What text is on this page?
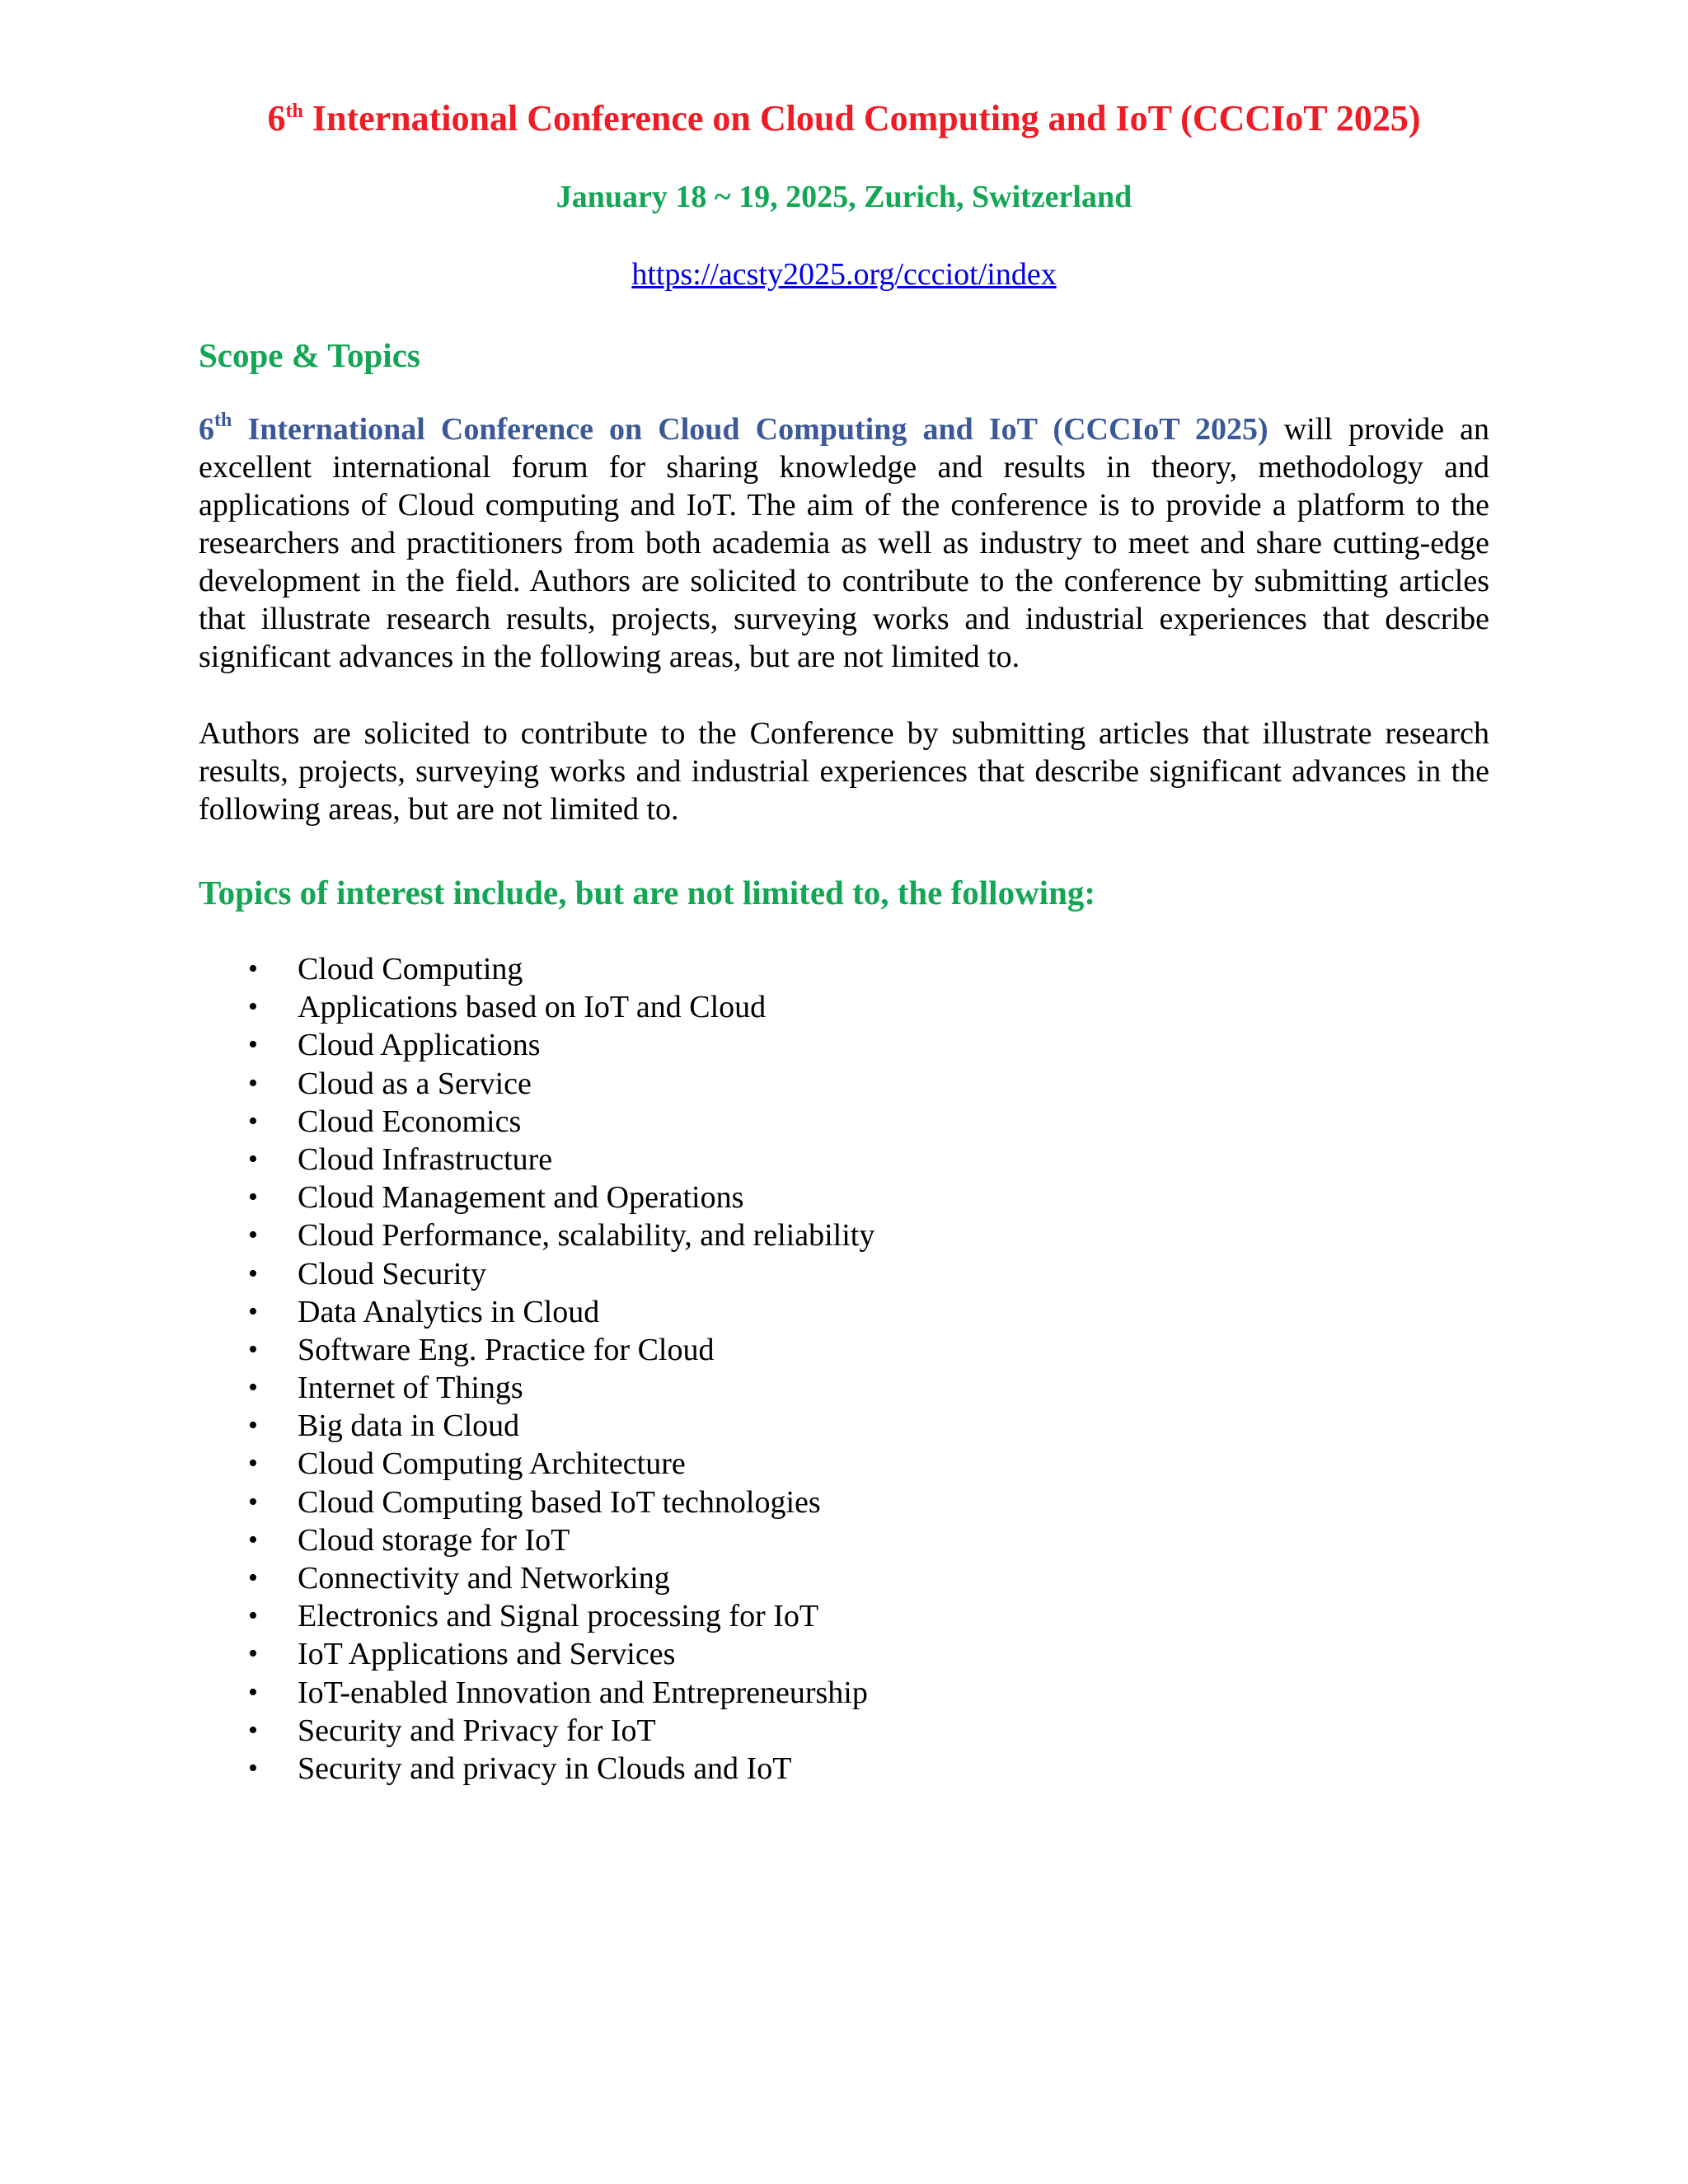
6th International Conference on Cloud Computing and IoT (CCCIoT 2025)
January 18 ~ 19, 2025, Zurich, Switzerland
https://acsty2025.org/ccciot/index
Scope & Topics
6th International Conference on Cloud Computing and IoT (CCCIoT 2025) will provide an excellent international forum for sharing knowledge and results in theory, methodology and applications of Cloud computing and IoT. The aim of the conference is to provide a platform to the researchers and practitioners from both academia as well as industry to meet and share cutting-edge development in the field. Authors are solicited to contribute to the conference by submitting articles that illustrate research results, projects, surveying works and industrial experiences that describe significant advances in the following areas, but are not limited to.
Authors are solicited to contribute to the Conference by submitting articles that illustrate research results, projects, surveying works and industrial experiences that describe significant advances in the following areas, but are not limited to.
Topics of interest include, but are not limited to, the following:
• Cloud Computing
• Applications based on IoT and Cloud
• Cloud Applications
• Cloud as a Service
• Cloud Economics
• Cloud Infrastructure
• Cloud Management and Operations
• Cloud Performance, scalability, and reliability
• Cloud Security
• Data Analytics in Cloud
• Software Eng. Practice for Cloud
• Internet of Things
• Big data in Cloud
• Cloud Computing Architecture
• Cloud Computing based IoT technologies
• Cloud storage for IoT
• Connectivity and Networking
• Electronics and Signal processing for IoT
• IoT Applications and Services
• IoT-enabled Innovation and Entrepreneurship
• Security and Privacy for IoT
• Security and privacy in Clouds and IoT
